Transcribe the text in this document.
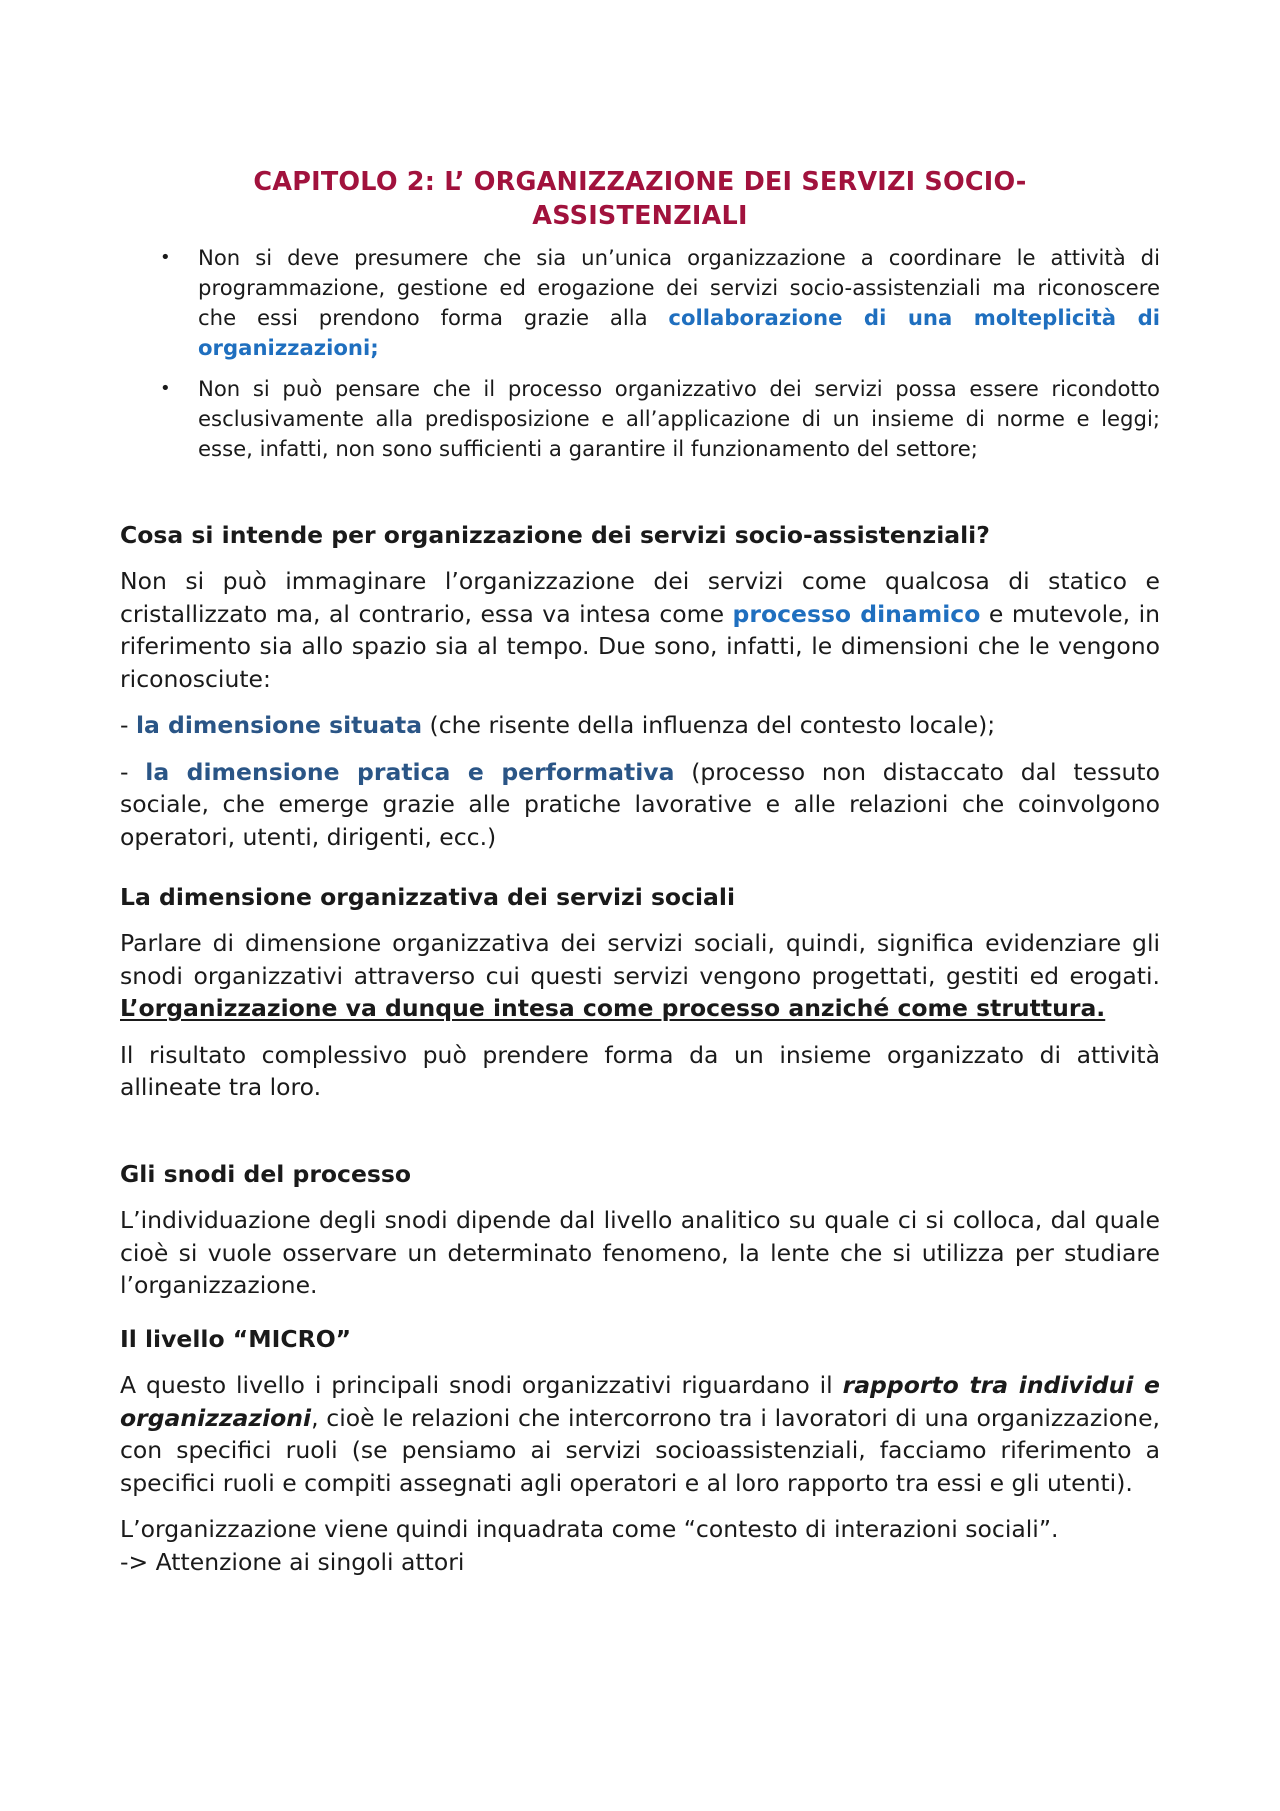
CAPITOLO 2: L’ ORGANIZZAZIONE DEI SERVIZI SOCIO-
ASSISTENZIALI
• Non si deve presumere che sia un’unica organizzazione a coordinare le attività di programmazione, gestione ed erogazione dei servizi socio-assistenziali ma riconoscere che essi prendono forma grazie alla collaborazione di una molteplicità di organizzazioni;

• Non si può pensare che il processo organizzativo dei servizi possa essere ricondotto esclusivamente alla predisposizione e all’applicazione di un insieme di norme e leggi; esse, infatti, non sono sufficienti a garantire il funzionamento del settore;

Cosa si intende per organizzazione dei servizi socio-assistenziali?

Non si può immaginare l’organizzazione dei servizi come qualcosa di statico e cristallizzato ma, al contrario, essa va intesa come processo dinamico e mutevole, in riferimento sia allo spazio sia al tempo. Due sono, infatti, le dimensioni che le vengono riconosciute:

- la dimensione situata (che risente della influenza del contesto locale);

- la dimensione pratica e performativa (processo non distaccato dal tessuto sociale, che emerge grazie alle pratiche lavorative e alle relazioni che coinvolgono operatori, utenti, dirigenti, ecc.)

La dimensione organizzativa dei servizi sociali

Parlare di dimensione organizzativa dei servizi sociali, quindi, significa evidenziare gli snodi organizzativi attraverso cui questi servizi vengono progettati, gestiti ed erogati. L’organizzazione va dunque intesa come processo anziché come struttura.

Il risultato complessivo può prendere forma da un insieme organizzato di attività allineate tra loro.

Gli snodi del processo

L’individuazione degli snodi dipende dal livello analitico su quale ci si colloca, dal quale cioè si vuole osservare un determinato fenomeno, la lente che si utilizza per studiare l’organizzazione.

Il livello “MICRO”

A questo livello i principali snodi organizzativi riguardano il rapporto tra individui e organizzazioni, cioè le relazioni che intercorrono tra i lavoratori di una organizzazione, con specifici ruoli (se pensiamo ai servizi socioassistenziali, facciamo riferimento a specifici ruoli e compiti assegnati agli operatori e al loro rapporto tra essi e gli utenti).

L’organizzazione viene quindi inquadrata come “contesto di interazioni sociali”.
-> Attenzione ai singoli attori
